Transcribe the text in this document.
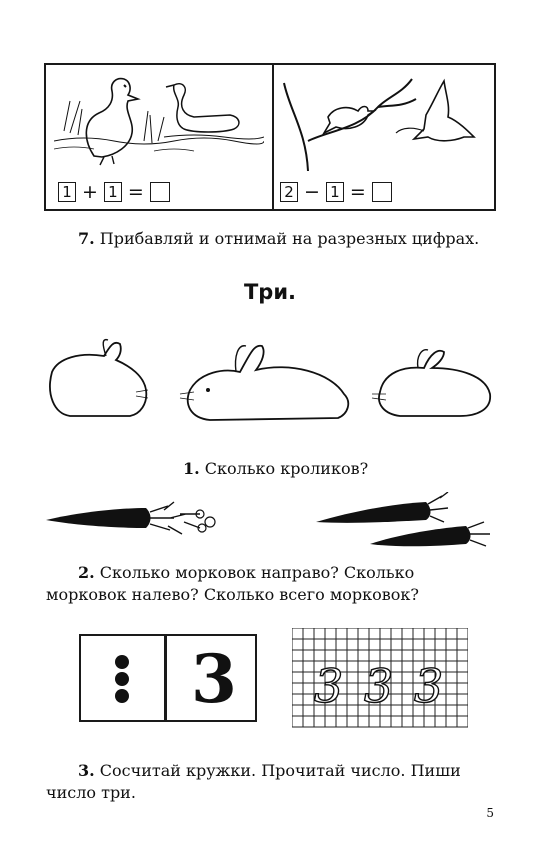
1 + 1 =	2 − 1 =
7. Прибавляй и отнимай на разрезных цифрах.
Три.
1. Сколько кроликов?
2. Сколько морковок направо? Сколько морковок налево? Сколько всего морковок?
3 3 3 3
3. Сосчитай кружки. Прочитай число. Пиши число три.
5
